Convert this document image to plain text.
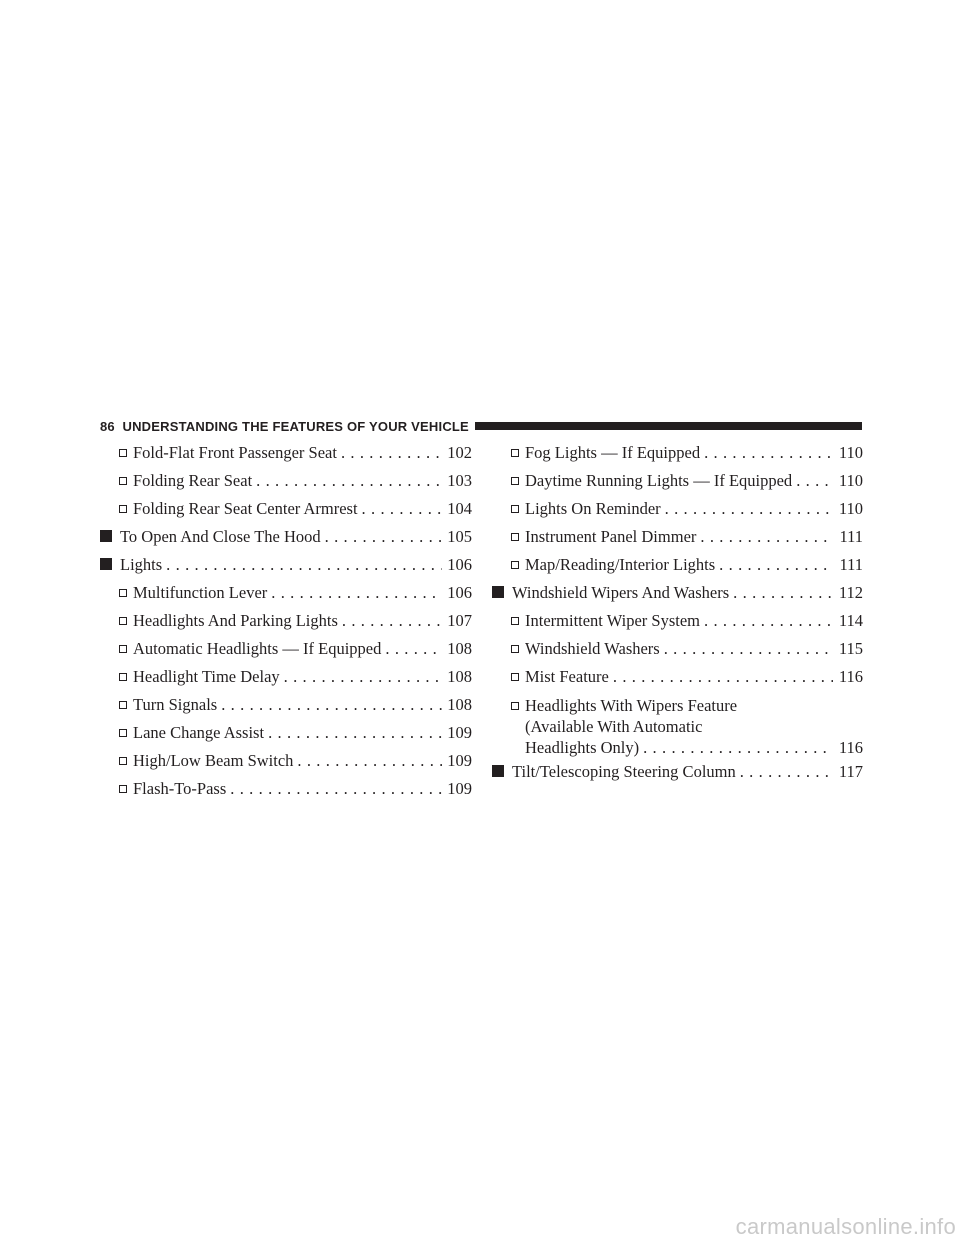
86 UNDERSTANDING THE FEATURES OF YOUR VEHICLE
Fold-Flat Front Passenger Seat . . .	102
Folding Rear Seat . . .	103
Folding Rear Seat Center Armrest . . .	104
To Open And Close The Hood . . .	105
Lights . . .	106
Multifunction Lever . . .	106
Headlights And Parking Lights . . .	107
Automatic Headlights — If Equipped . . .	108
Headlight Time Delay . . .	108
Turn Signals . . .	108
Lane Change Assist . . .	109
High/Low Beam Switch . . .	109
Flash-To-Pass . . .	109
Fog Lights — If Equipped . . .	110
Daytime Running Lights — If Equipped . . .	110
Lights On Reminder . . .	110
Instrument Panel Dimmer . . .	111
Map/Reading/Interior Lights . . .	111
Windshield Wipers And Washers . . .	112
Intermittent Wiper System . . .	114
Windshield Washers . . .	115
Mist Feature . . .	116
Headlights With Wipers Feature
(Available With Automatic
Headlights Only) . . .	116
Tilt/Telescoping Steering Column . . .	117
carmanualsonline.info
